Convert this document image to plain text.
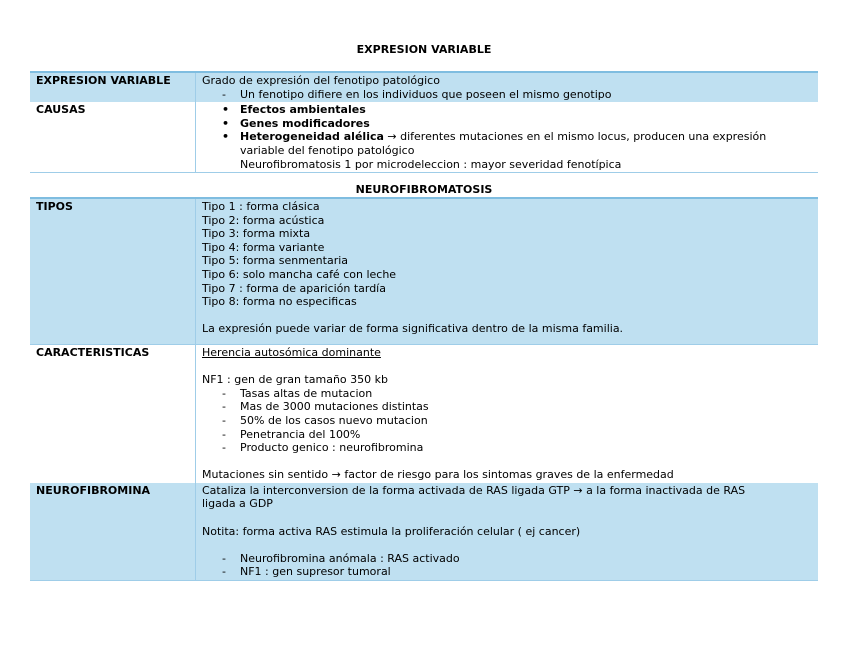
EXPRESION VARIABLE
EXPRESION VARIABLE	Grado de expresión del fenotipo patológico
- Un fenotipo difiere en los individuos que poseen el mismo genotipo
CAUSAS	• Efectos ambientales
• Genes modificadores
• Heterogeneidad alélica → diferentes mutaciones en el mismo locus, producen una expresión
variable del fenotipo patológico
Neurofibromatosis 1 por microdeleccion : mayor severidad fenotípica
NEUROFIBROMATOSIS
TIPOS	Tipo 1 : forma clásica
Tipo 2: forma acústica
Tipo 3: forma mixta
Tipo 4: forma variante
Tipo 5: forma senmentaria
Tipo 6: solo mancha café con leche
Tipo 7 : forma de aparición tardía
Tipo 8: forma no especificas
La expresión puede variar de forma significativa dentro de la misma familia.
CARACTERISTICAS	Herencia autosómica dominante
NF1 : gen de gran tamaño 350 kb
- Tasas altas de mutacion
- Mas de 3000 mutaciones distintas
- 50% de los casos nuevo mutacion
- Penetrancia del 100%
- Producto genico : neurofibromina
Mutaciones sin sentido → factor de riesgo para los sintomas graves de la enfermedad
NEUROFIBROMINA	Cataliza la interconversion de la forma activada de RAS ligada GTP → a la forma inactivada de RAS
ligada a GDP
Notita: forma activa RAS estimula la proliferación celular ( ej cancer)
- Neurofibromina anómala : RAS activado
- NF1 : gen supresor tumoral
